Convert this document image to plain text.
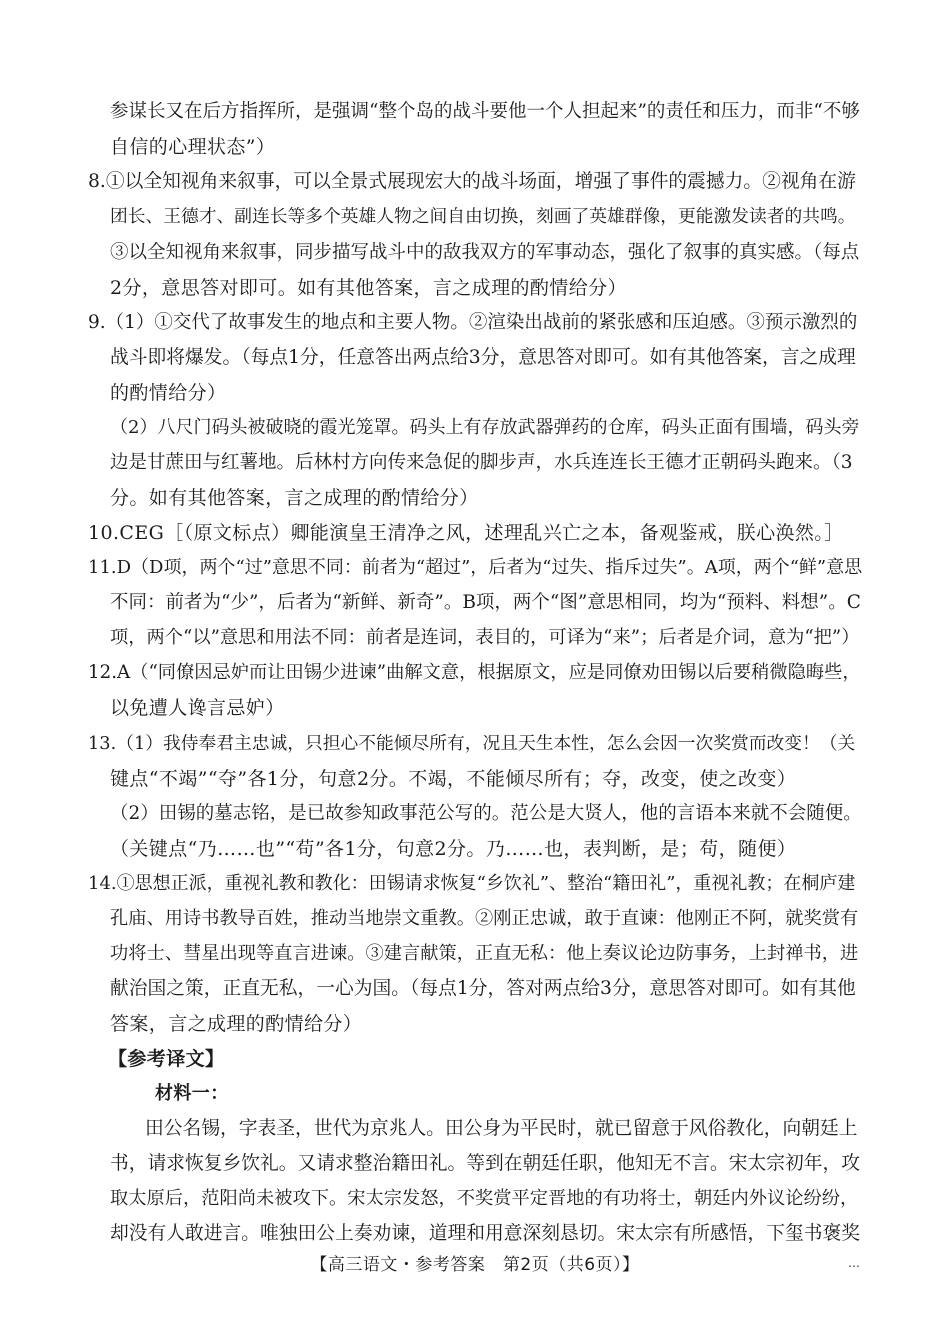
参谋长又在后方指挥所，是强调“整个岛的战斗要他一个人担起来”的责任和压力，而非“不够
自信的心理状态”）
8.①以全知视角来叙事，可以全景式展现宏大的战斗场面，增强了事件的震撼力。②视角在游
团长、王德才、副连长等多个英雄人物之间自由切换，刻画了英雄群像，更能激发读者的共鸣。
③以全知视角来叙事，同步描写战斗中的敌我双方的军事动态，强化了叙事的真实感。（每点
2分，意思答对即可。如有其他答案，言之成理的酌情给分）
9.（1）①交代了故事发生的地点和主要人物。②渲染出战前的紧张感和压迫感。③预示激烈的
战斗即将爆发。（每点1分，任意答出两点给3分，意思答对即可。如有其他答案，言之成理
的酌情给分）
（2）八尺门码头被破晓的霞光笼罩。码头上有存放武器弹药的仓库，码头正面有围墙，码头旁
边是甘蔗田与红薯地。后林村方向传来急促的脚步声，水兵连连长王德才正朝码头跑来。（3
分。如有其他答案，言之成理的酌情给分）
10.CEG［（原文标点）卿能演皇王清净之风，述理乱兴亡之本，备观鉴戒，朕心涣然。］
11.D（D项，两个“过”意思不同：前者为“超过”，后者为“过失、指斥过失”。A项，两个“鲜”意思
不同：前者为“少”，后者为“新鲜、新奇”。B项，两个“图”意思相同，均为“预料、料想”。C
项，两个“以”意思和用法不同：前者是连词，表目的，可译为“来”；后者是介词，意为“把”）
12.A（“同僚因忌妒而让田锡少进谏”曲解文意，根据原文，应是同僚劝田锡以后要稍微隐晦些，
以免遭人谗言忌妒）
13.（1）我侍奉君主忠诚，只担心不能倾尽所有，况且天生本性，怎么会因一次奖赏而改变！（关
键点“不竭”“夺”各1分，句意2分。不竭，不能倾尽所有；夺，改变，使之改变）
（2）田锡的墓志铭，是已故参知政事范公写的。范公是大贤人，他的言语本来就不会随便。
（关键点“乃……也”“苟”各1分，句意2分。乃……也，表判断，是；苟，随便）
14.①思想正派，重视礼教和教化：田锡请求恢复“乡饮礼”、整治“籍田礼”，重视礼教；在桐庐建
孔庙、用诗书教导百姓，推动当地崇文重教。②刚正忠诚，敢于直谏：他刚正不阿，就奖赏有
功将士、彗星出现等直言进谏。③建言献策，正直无私：他上奏议论边防事务，上封禅书，进
献治国之策，正直无私，一心为国。（每点1分，答对两点给3分，意思答对即可。如有其他
答案，言之成理的酌情给分）
【参考译文】
材料一：
田公名锡，字表圣，世代为京兆人。田公身为平民时，就已留意于风俗教化，向朝廷上
书，请求恢复乡饮礼。又请求整治籍田礼。等到在朝廷任职，他知无不言。宋太宗初年，攻
取太原后，范阳尚未被攻下。宋太宗发怒，不奖赏平定晋地的有功将士，朝廷内外议论纷纷，
却没有人敢进言。唯独田公上奏劝谏，道理和用意深刻恳切。宋太宗有所感悟，下玺书褒奖
【高三语文・参考答案　第2页（共6页）】	…
